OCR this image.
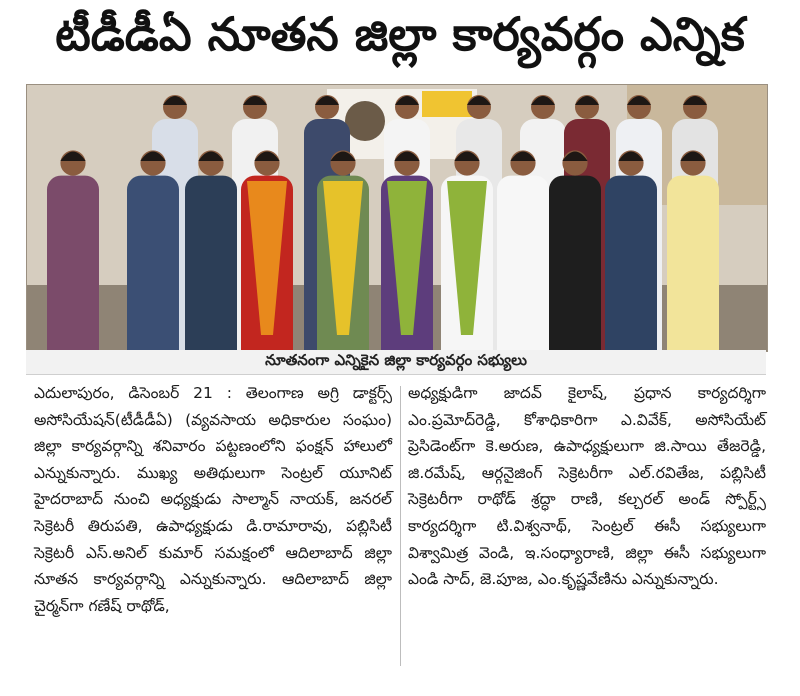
టీడీడీఏ నూతన జిల్లా కార్యవర్గం ఎన్నిక
నూతనంగా ఎన్నికైన జిల్లా కార్యవర్గం సభ్యులు
ఎదులాపురం, డిసెంబర్ 21 : తెలంగాణ అగ్రి డాక్టర్స్ అసోసియేషన్(టీడీడీఏ) (వ్యవసాయ అధికారుల సంఘం) జిల్లా కార్యవర్గాన్ని శనివారం పట్టణంలోని ఫంక్షన్ హాలులో ఎన్నుకున్నారు. ముఖ్య అతిథులుగా సెంట్రల్ యూనిట్ హైదరాబాద్ నుంచి అధ్యక్షుడు సాల్మాన్ నాయక్, జనరల్ సెక్రెటరీ తిరుపతి, ఉపాధ్యక్షుడు డి.రామారావు, పబ్లిసిటీ సెక్రెటరీ ఎస్.అనిల్ కుమార్ సమక్షంలో ఆదిలాబాద్ జిల్లా నూతన కార్యవర్గాన్ని ఎన్నుకున్నారు. ఆదిలాబాద్ జిల్లా చైర్మన్‌గా గణేష్ రాథోడ్,
అధ్యక్షుడిగా జాదవ్ కైలాష్, ప్రధాన కార్యదర్శిగా ఎం.ప్రమోద్‌రెడ్డి, కోశాధికారిగా ఎ.వివేక్, అసోసియేట్ ప్రెసిడెంట్‌గా కె.అరుణ, ఉపాధ్యక్షులుగా జి.సాయి తేజరెడ్డి, జి.రమేష్, ఆర్గనైజింగ్ సెక్రెటరీగా ఎల్.రవితేజ, పబ్లిసిటీ సెక్రెటరీగా రాథోడ్ శ్రద్ధా రాణి, కల్చరల్ అండ్ స్పోర్ట్స్ కార్యదర్శిగా టి.విశ్వనాథ్, సెంట్రల్ ఈసీ సభ్యులుగా విశ్వామిత్ర వెండి, ఇ.సంధ్యారాణి, జిల్లా ఈసీ సభ్యులుగా ఎండి సాద్, జె.పూజ, ఎం.కృష్ణవేణిను ఎన్నుకున్నారు.
